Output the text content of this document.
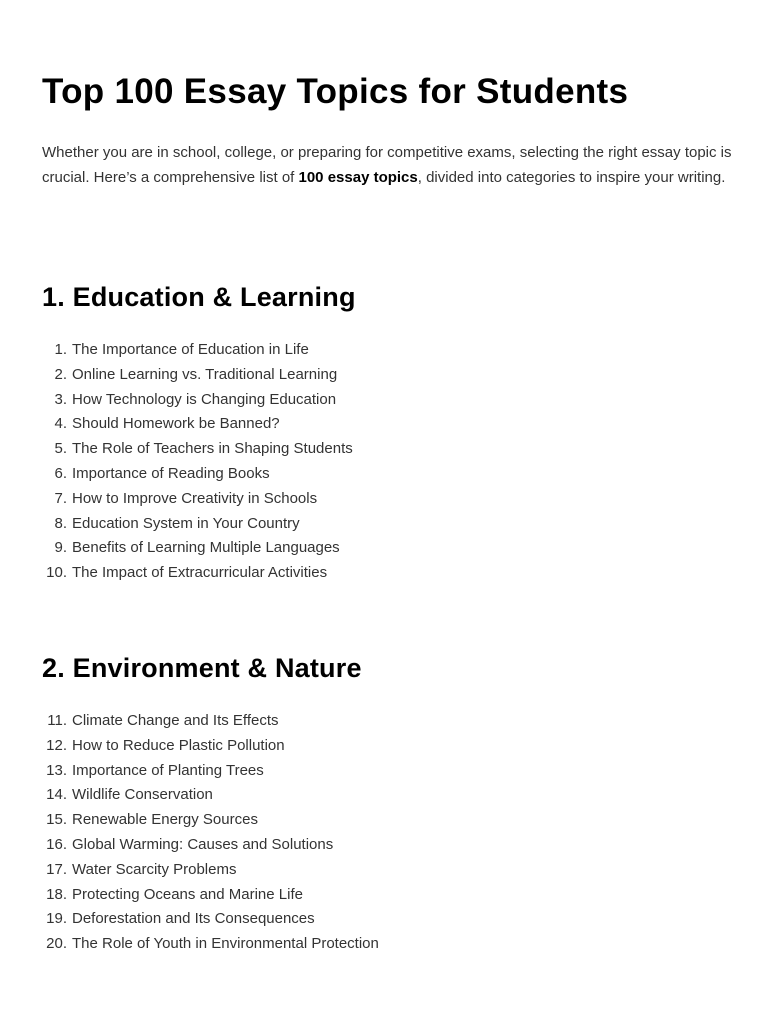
Top 100 Essay Topics for Students

Whether you are in school, college, or preparing for competitive exams, selecting the right essay topic is crucial. Here’s a comprehensive list of 100 essay topics, divided into categories to inspire your writing.

1. Education & Learning
1. The Importance of Education in Life
2. Online Learning vs. Traditional Learning
3. How Technology is Changing Education
4. Should Homework be Banned?
5. The Role of Teachers in Shaping Students
6. Importance of Reading Books
7. How to Improve Creativity in Schools
8. Education System in Your Country
9. Benefits of Learning Multiple Languages
10. The Impact of Extracurricular Activities
2. Environment & Nature
11. Climate Change and Its Effects
12. How to Reduce Plastic Pollution
13. Importance of Planting Trees
14. Wildlife Conservation
15. Renewable Energy Sources
16. Global Warming: Causes and Solutions
17. Water Scarcity Problems
18. Protecting Oceans and Marine Life
19. Deforestation and Its Consequences
20. The Role of Youth in Environmental Protection
